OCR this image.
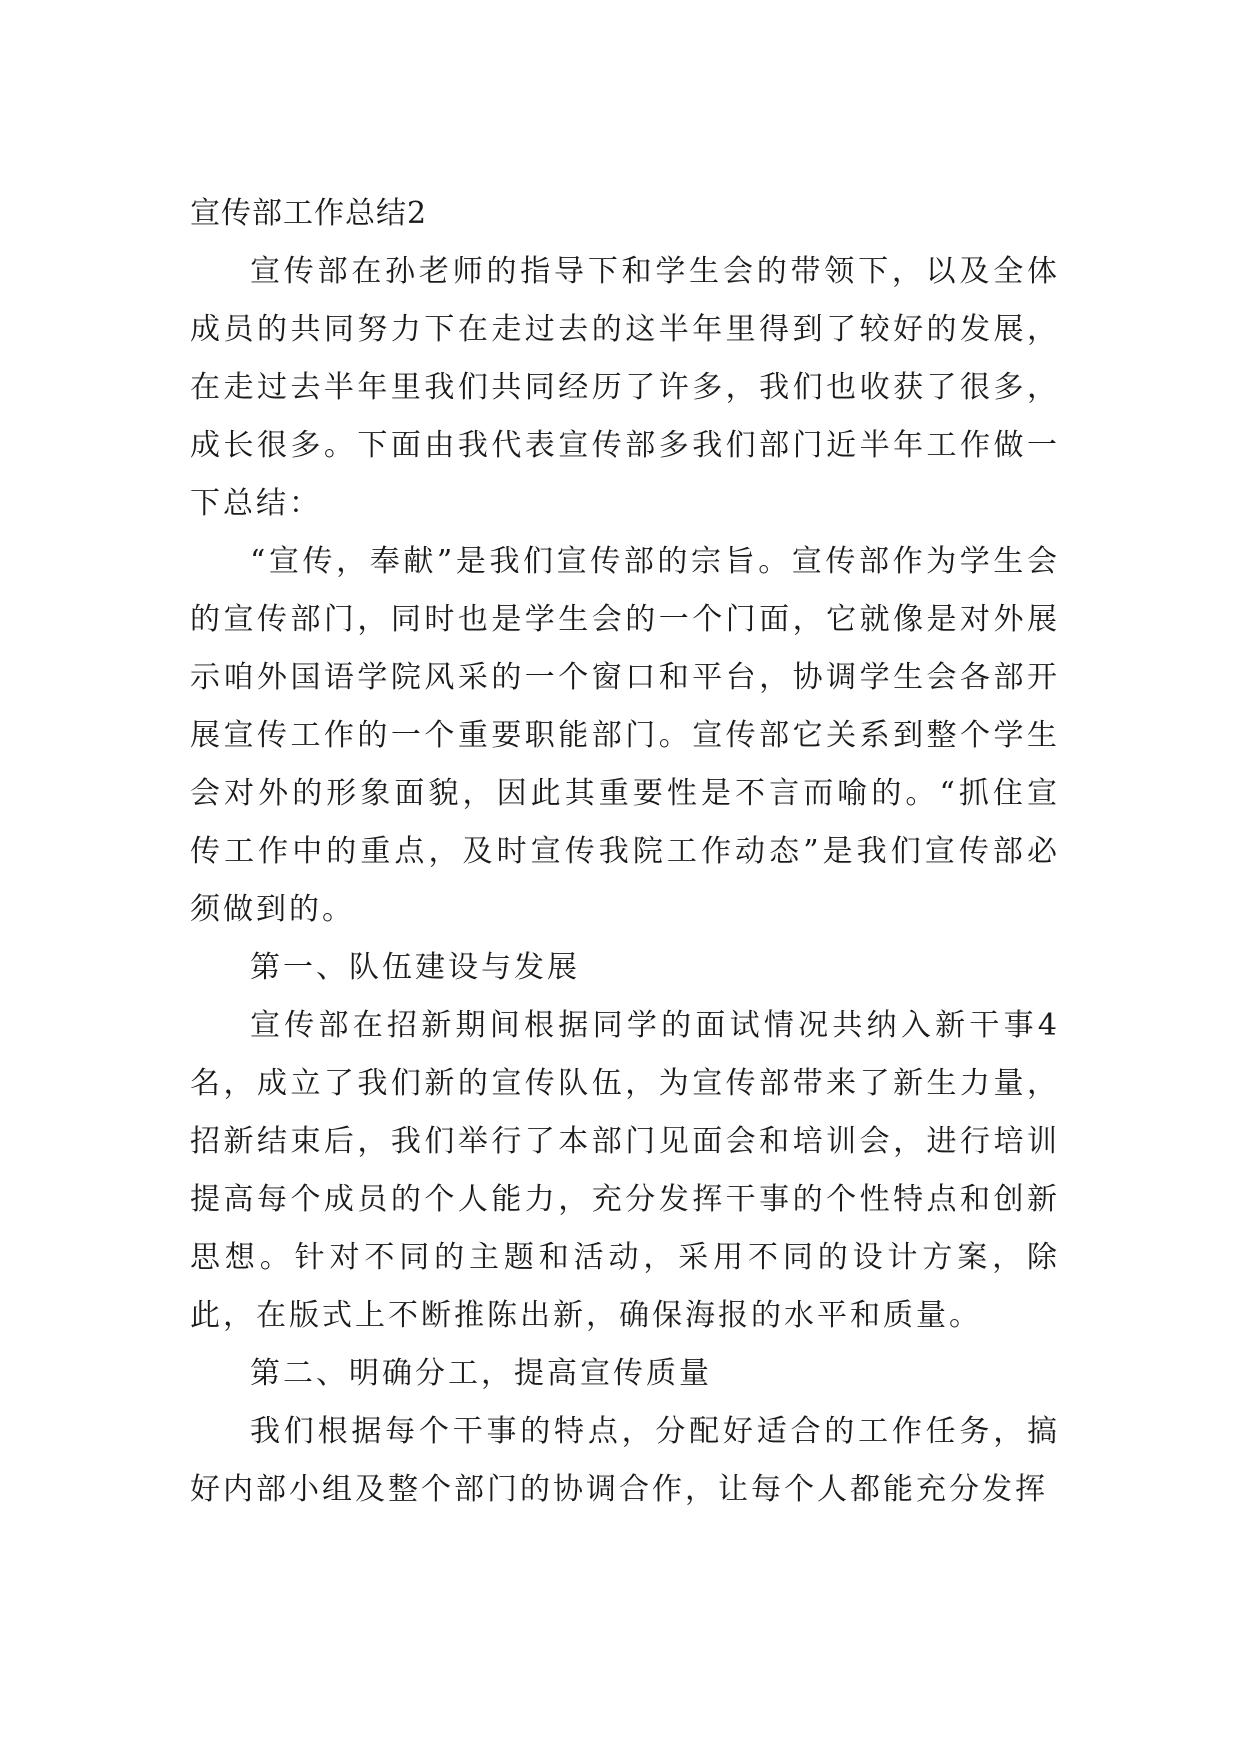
宣传部工作总结2

宣传部在孙老师的指导下和学生会的带领下，以及全体成员的共同努力下在走过去的这半年里得到了较好的发展，在走过去半年里我们共同经历了许多，我们也收获了很多，成长很多。下面由我代表宣传部多我们部门近半年工作做一下总结：

“宣传，奉献”是我们宣传部的宗旨。宣传部作为学生会的宣传部门，同时也是学生会的一个门面，它就像是对外展示咱外国语学院风采的一个窗口和平台，协调学生会各部开展宣传工作的一个重要职能部门。宣传部它关系到整个学生会对外的形象面貌，因此其重要性是不言而喻的。“抓住宣传工作中的重点，及时宣传我院工作动态”是我们宣传部必须做到的。

第一、队伍建设与发展

宣传部在招新期间根据同学的面试情况共纳入新干事4名，成立了我们新的宣传队伍，为宣传部带来了新生力量，招新结束后，我们举行了本部门见面会和培训会，进行培训提高每个成员的个人能力，充分发挥干事的个性特点和创新思想。针对不同的主题和活动，采用不同的设计方案，除此，在版式上不断推陈出新，确保海报的水平和质量。

第二、明确分工，提高宣传质量

我们根据每个干事的特点，分配好适合的工作任务，搞好内部小组及整个部门的协调合作，让每个人都能充分发挥
